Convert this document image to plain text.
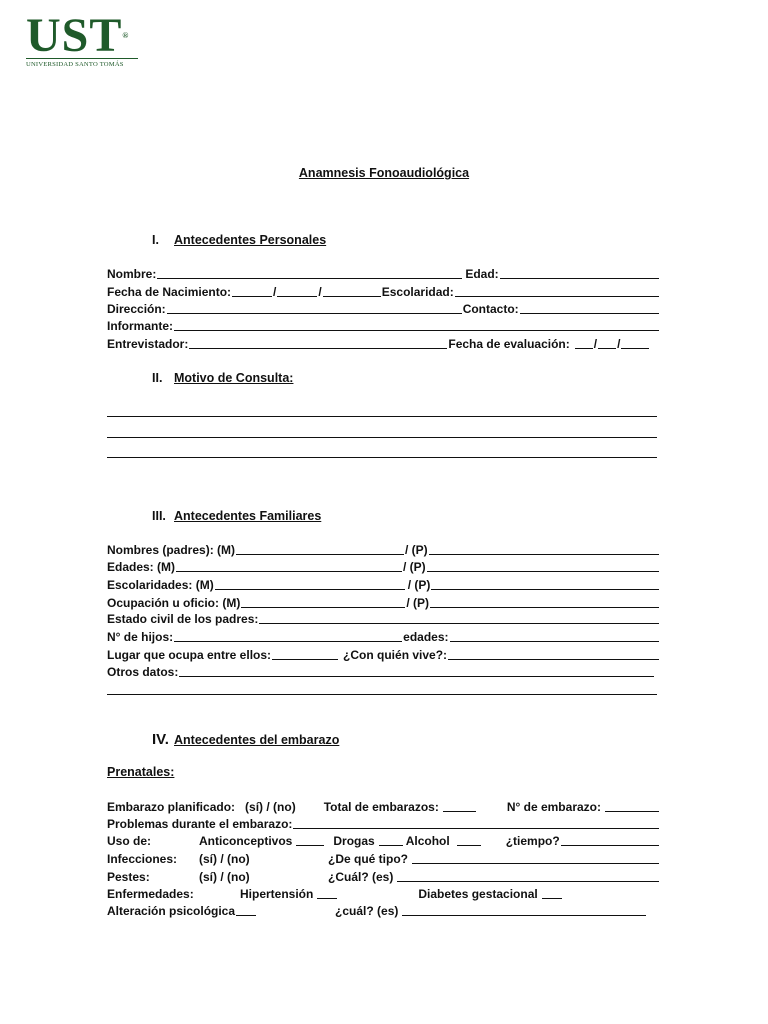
UST®
UNIVERSIDAD SANTO TOMÁS
Anamnesis Fonoaudiológica
I. Antecedentes Personales
Nombre:	Edad:
Fecha de Nacimiento:	/	/	Escolaridad:
Dirección:	Contacto:
Informante:
Entrevistador:	Fecha de evaluación: / /
II. Motivo de Consulta:
III. Antecedentes Familiares
Nombres (padres): (M)	/ (P)
Edades: (M)	/ (P)
Escolaridades: (M)	/ (P)
Ocupación u oficio: (M)	/ (P)
Estado civil de los padres:
N° de hijos:	edades:
Lugar que ocupa entre ellos:	¿Con quién vive?:
Otros datos:
IV. Antecedentes del embarazo
Prenatales:
Embarazo planificado: (sí) / (no) Total de embarazos:	N° de embarazo:
Problemas durante el embarazo:
Uso de:	Anticonceptivos	Drogas	Alcohol	¿tiempo?
Infecciones:	(sí) / (no)	¿De qué tipo?
Pestes:	(sí) / (no)	¿Cuál? (es)
Enfermedades:	Hipertensión	Diabetes gestacional
Alteración psicológica	¿cuál? (es)
